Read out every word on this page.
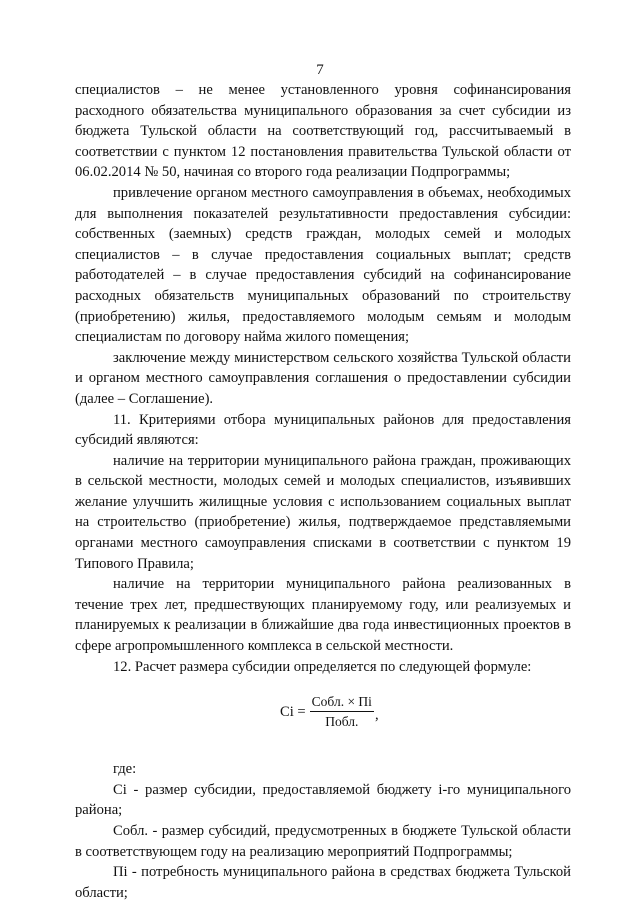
7

специалистов – не менее установленного уровня софинансирования расходного обязательства муниципального образования за счет субсидии из бюджета Тульской области на соответствующий год, рассчитываемый в соответствии с пунктом 12 постановления правительства Тульской области от 06.02.2014 № 50, начиная со второго года реализации Подпрограммы;

привлечение органом местного самоуправления в объемах, необходимых для выполнения показателей результативности предоставления субсидии: собственных (заемных) средств граждан, молодых семей и молодых специалистов – в случае предоставления социальных выплат; средств работодателей – в случае предоставления субсидий на софинансирование расходных обязательств муниципальных образований по строительству (приобретению) жилья, предоставляемого молодым семьям и молодым специалистам по договору найма жилого помещения;

заключение между министерством сельского хозяйства Тульской области и органом местного самоуправления соглашения о предоставлении субсидии (далее – Соглашение).

11. Критериями отбора муниципальных районов для предоставления субсидий являются:

наличие на территории муниципального района граждан, проживающих в сельской местности, молодых семей и молодых специалистов, изъявивших желание улучшить жилищные условия с использованием социальных выплат на строительство (приобретение) жилья, подтверждаемое представляемыми органами местного самоуправления списками в соответствии с пунктом 19 Типового Правила;

наличие на территории муниципального района реализованных в течение трех лет, предшествующих планируемому году, или реализуемых и планируемых к реализации в ближайшие два года инвестиционных проектов в сфере агропромышленного комплекса в сельской местности.

12. Расчет размера субсидии определяется по следующей формуле:

$Ci = \frac{\text{Собл. × Пi}}{\text{Побл.}}$ ,

где:

Ci - размер субсидии, предоставляемой бюджету i-го муниципального района;

Собл. - размер субсидий, предусмотренных в бюджете Тульской области в соответствующем году на реализацию мероприятий Подпрограммы;

Пi - потребность муниципального района в средствах бюджета Тульской области;
